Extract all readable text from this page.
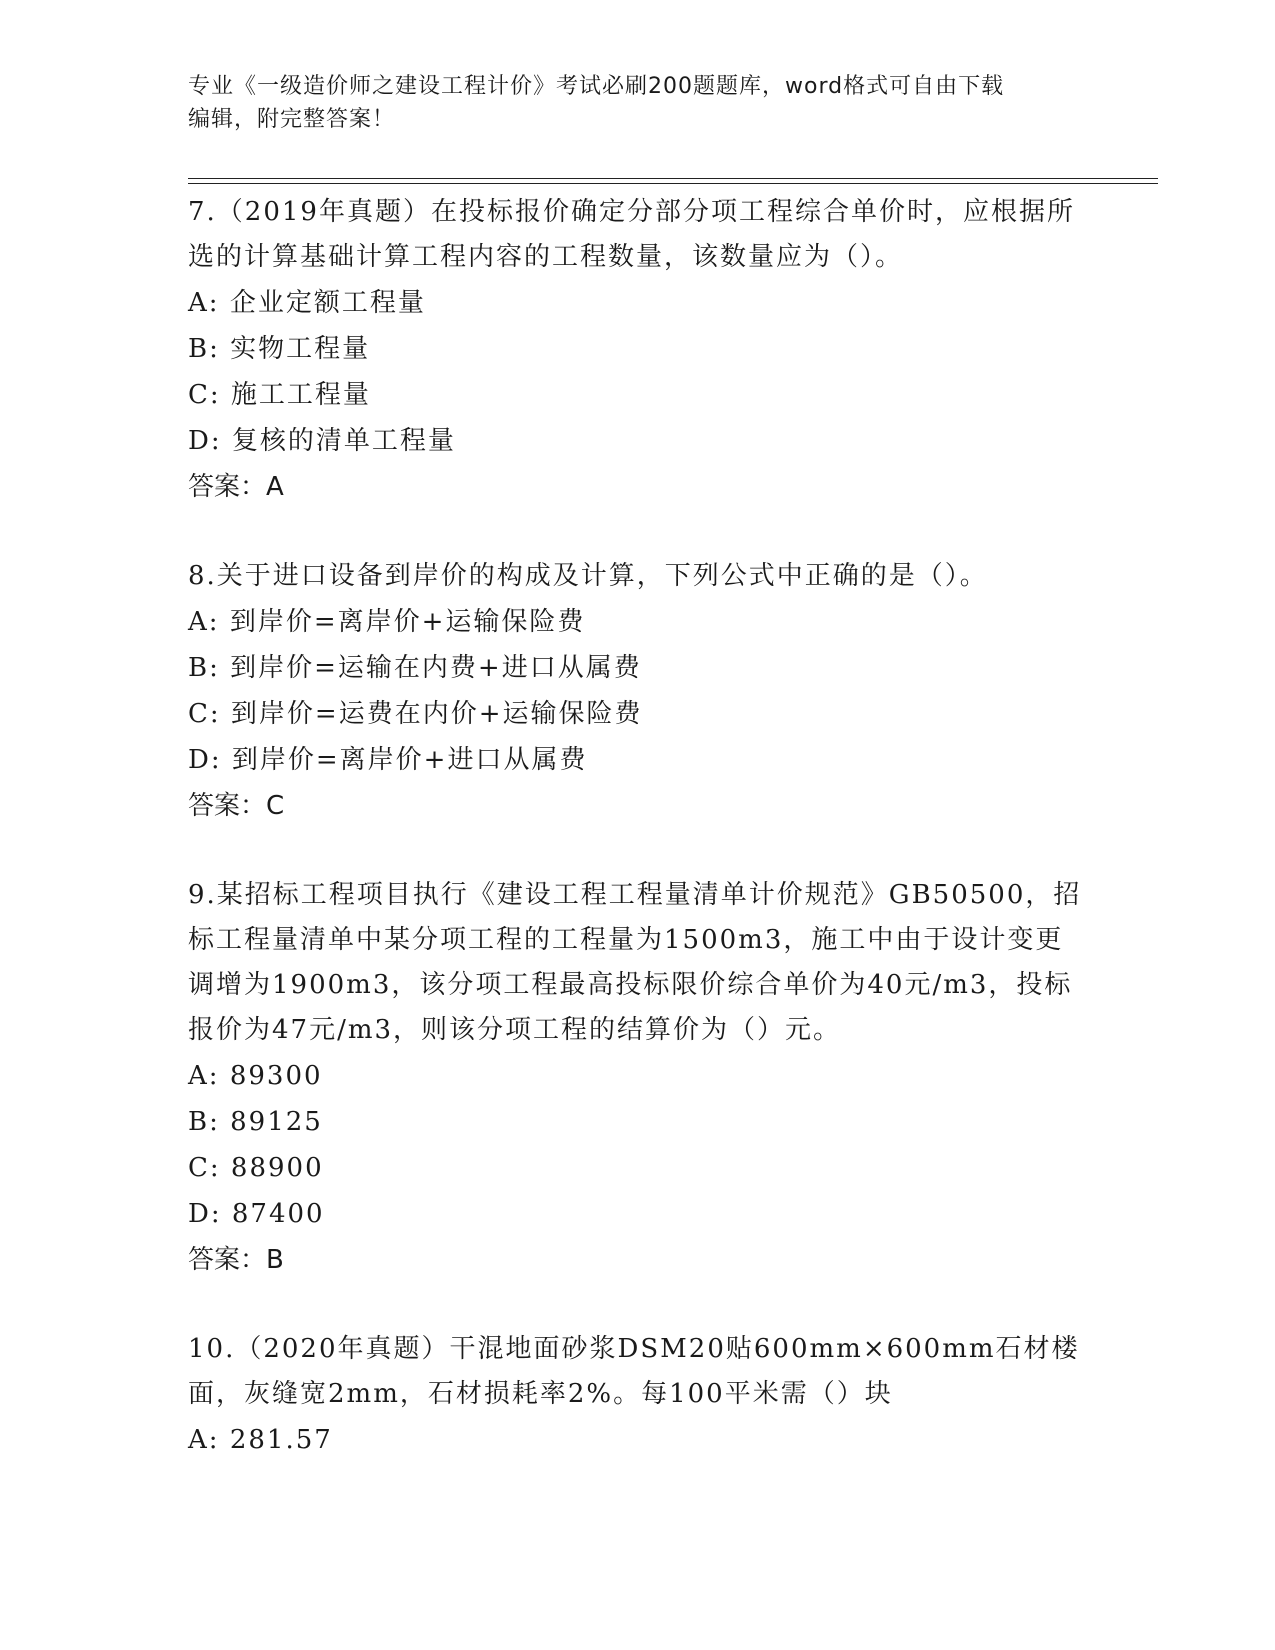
专业《一级造价师之建设工程计价》考试必刷200题题库，word格式可自由下载
编辑，附完整答案！

7.（2019年真题）在投标报价确定分部分项工程综合单价时，应根据所选的计算基础计算工程内容的工程数量，该数量应为（）。

A: 企业定额工程量

B: 实物工程量

C: 施工工程量

D: 复核的清单工程量

答案：A

8.关于进口设备到岸价的构成及计算，下列公式中正确的是（）。

A: 到岸价=离岸价+运输保险费

B: 到岸价=运输在内费+进口从属费

C: 到岸价=运费在内价+运输保险费

D: 到岸价=离岸价+进口从属费

答案：C

9.某招标工程项目执行《建设工程工程量清单计价规范》GB50500，招标工程量清单中某分项工程的工程量为1500m3，施工中由于设计变更调增为1900m3，该分项工程最高投标限价综合单价为40元/m3，投标报价为47元/m3，则该分项工程的结算价为（）元。

A: 89300

B: 89125

C: 88900

D: 87400

答案：B

10.（2020年真题）干混地面砂浆DSM20贴600mm×600mm石材楼面，灰缝宽2mm，石材损耗率2%。每100平米需（）块

A: 281.57
